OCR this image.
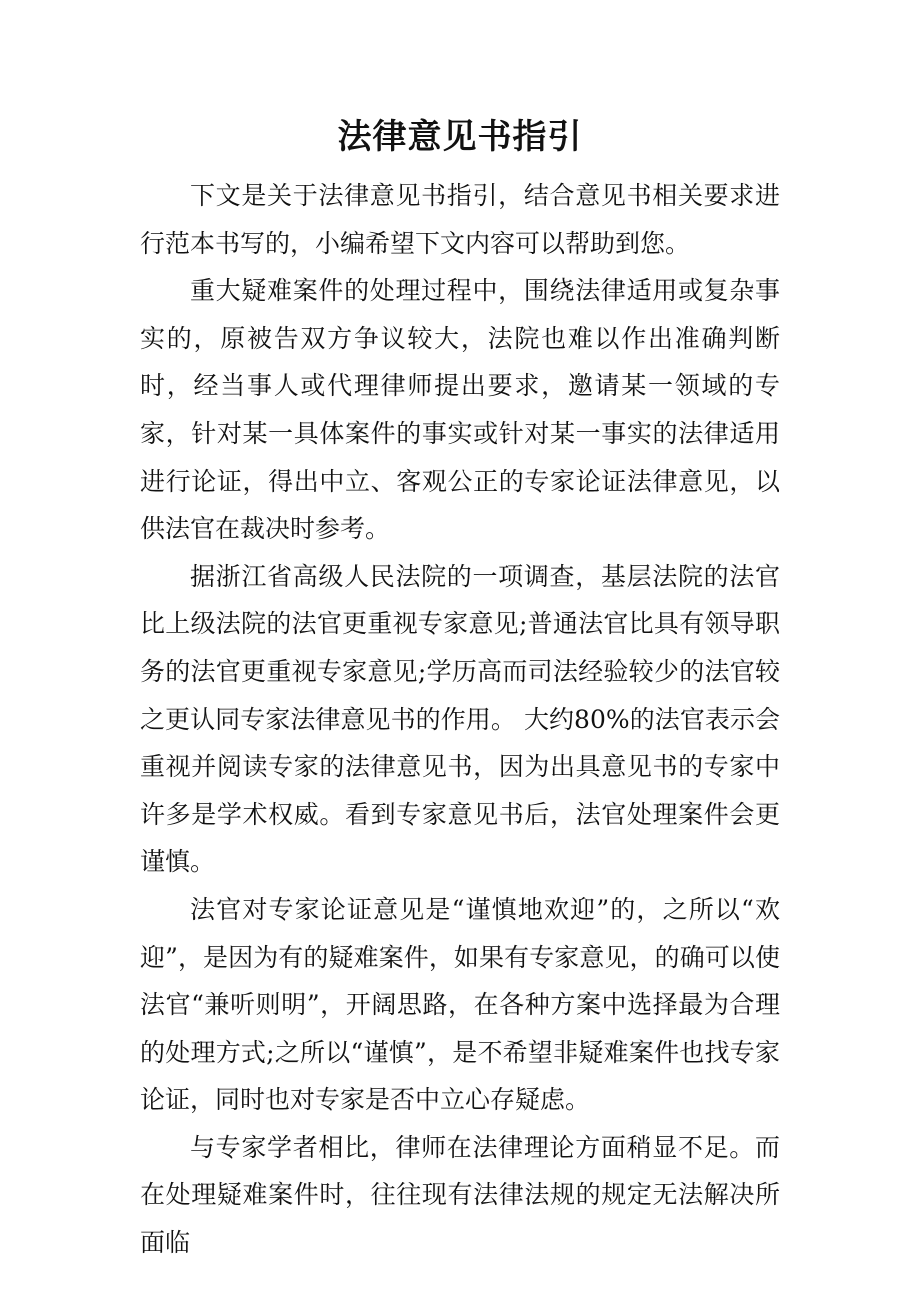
法律意见书指引

下文是关于法律意见书指引，结合意见书相关要求进行范本书写的，小编希望下文内容可以帮助到您。

重大疑难案件的处理过程中，围绕法律适用或复杂事实的，原被告双方争议较大，法院也难以作出准确判断时，经当事人或代理律师提出要求，邀请某一领域的专家，针对某一具体案件的事实或针对某一事实的法律适用进行论证，得出中立、客观公正的专家论证法律意见，以供法官在裁决时参考。

据浙江省高级人民法院的一项调查，基层法院的法官比上级法院的法官更重视专家意见;普通法官比具有领导职务的法官更重视专家意见;学历高而司法经验较少的法官较之更认同专家法律意见书的作用。 大约80%的法官表示会重视并阅读专家的法律意见书，因为出具意见书的专家中许多是学术权威。看到专家意见书后，法官处理案件会更谨慎。

法官对专家论证意见是“谨慎地欢迎”的，之所以“欢迎”，是因为有的疑难案件，如果有专家意见，的确可以使法官“兼听则明”，开阔思路，在各种方案中选择最为合理的处理方式;之所以“谨慎”，是不希望非疑难案件也找专家论证，同时也对专家是否中立心存疑虑。

与专家学者相比，律师在法律理论方面稍显不足。而在处理疑难案件时，往往现有法律法规的规定无法解决所面临
